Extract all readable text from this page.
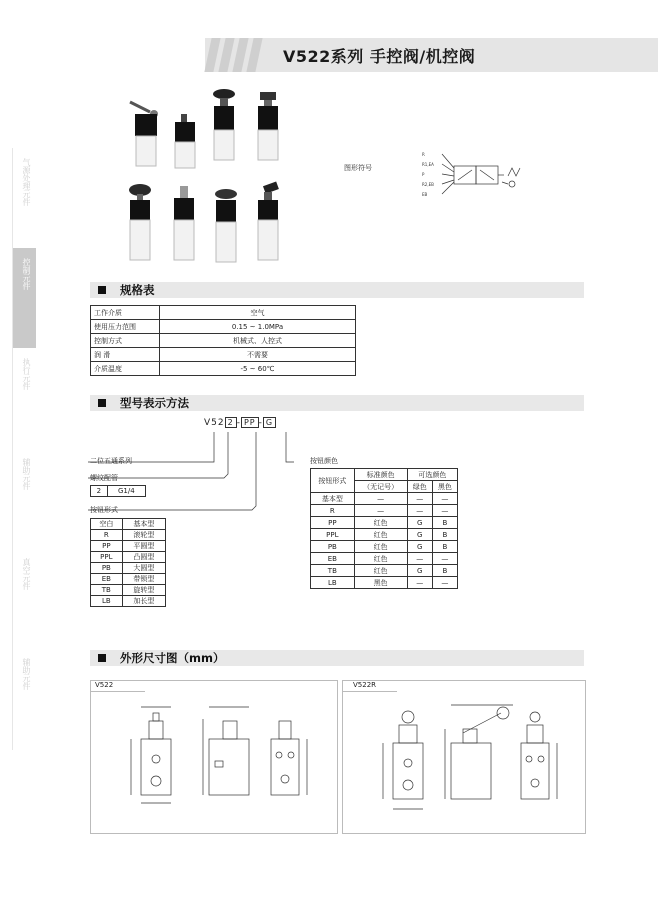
V522系列 手控阀/机控阀
气源处理元件
控制元件
执行元件
辅助元件
真空元件
辅助元件
图形符号
R
R1,EA
P
R2,EB
EB
规格表
工作介质	空气
使用压力范围	0.15 ~ 1.0MPa
控制方式	机械式、人控式
润 滑	不需要
介质温度	-5 ~ 60℃
型号表示方法
V52 2 - PP - G
二位五通系列
螺纹配管
2	G1/4
按钮形式
空白	基本型
R	滚轮型
PP	平圆型
PPL	凸圆型
PB	大圆型
EB	带锁型
TB	旋转型
LB	加长型
按钮颜色
按钮形式	标准颜色	可选颜色	
	（无记号）	绿色	黑色
基本型	—	—	—
R	—	—	—
PP	红色	G	B
PPL	红色	G	B
PB	红色	G	B
EB	红色	—	—
TB	红色	G	B
LB	黑色	—	—
外形尺寸图（mm）
V522	V522R
